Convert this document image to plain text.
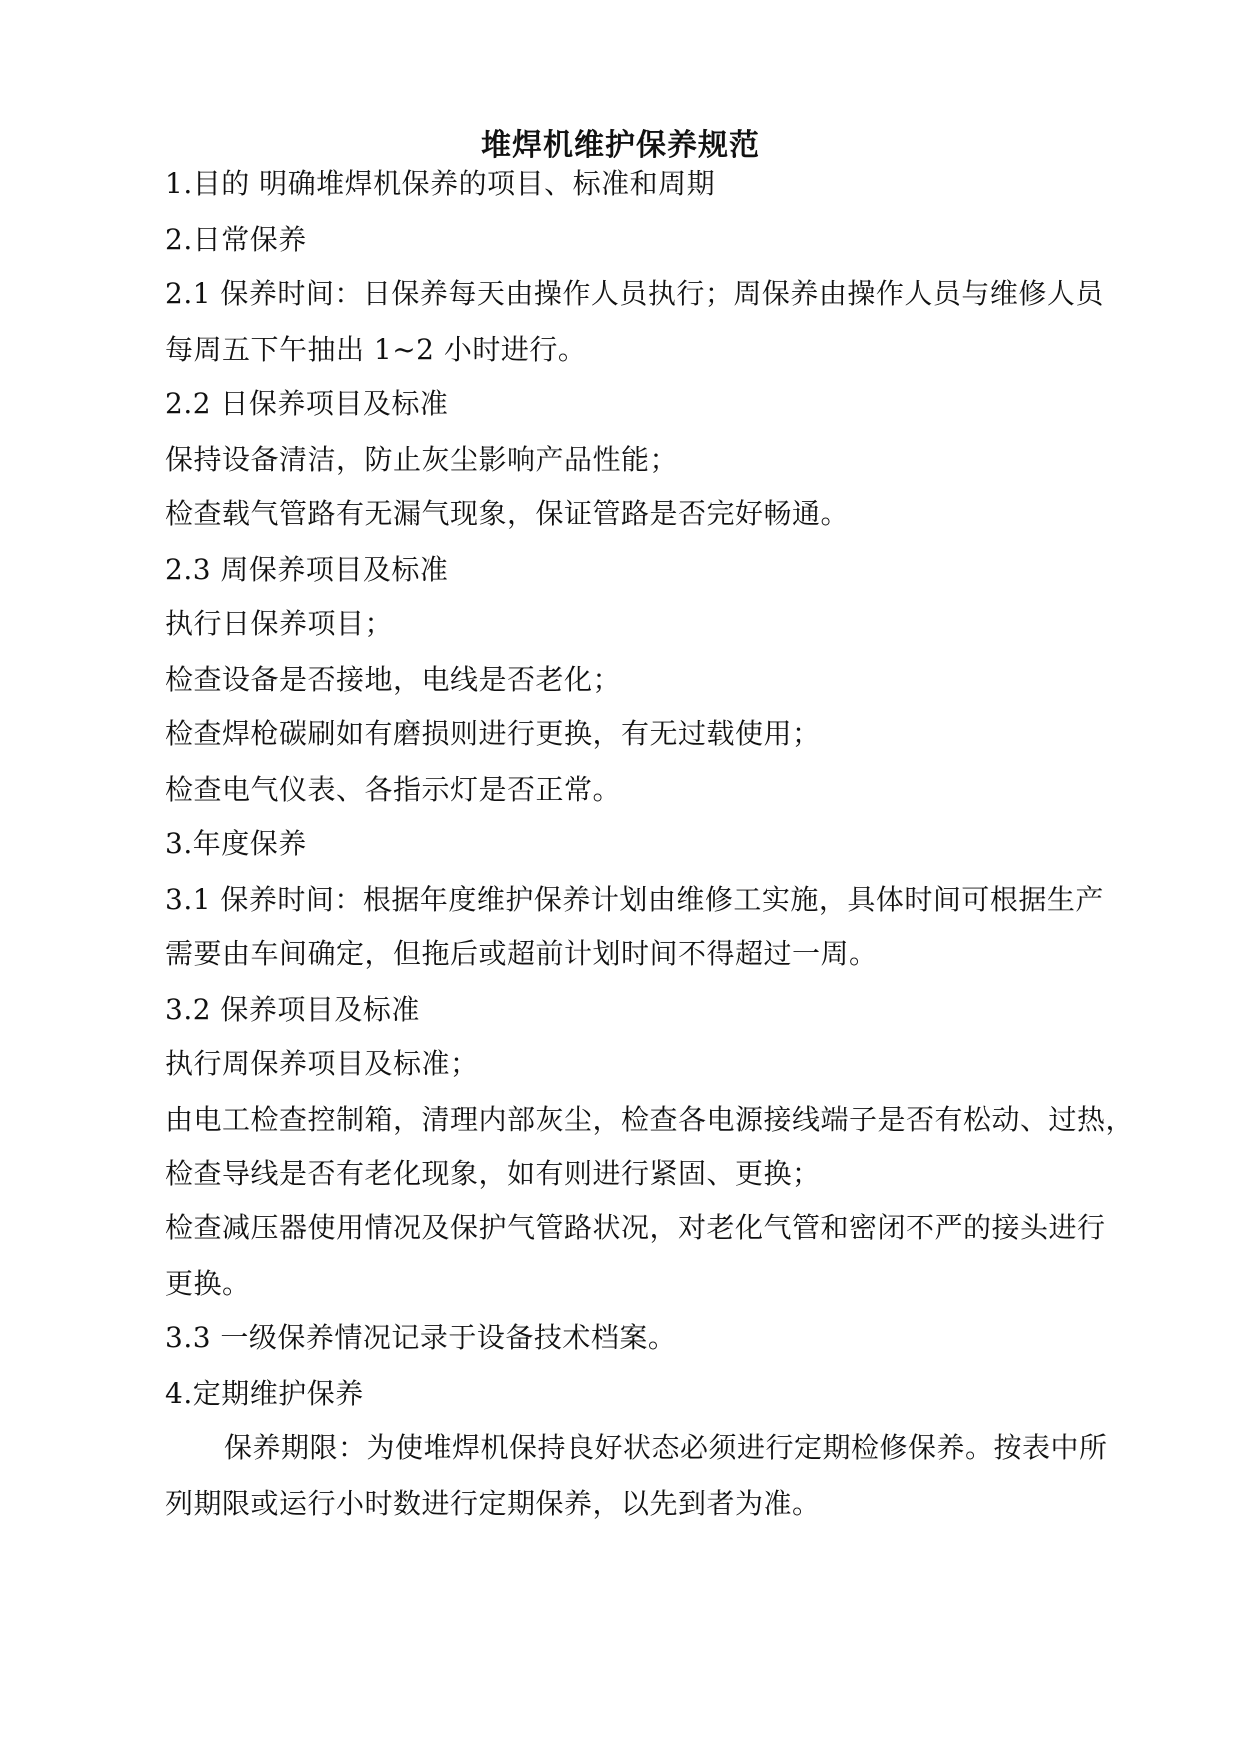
堆焊机维护保养规范
1.目的 明确堆焊机保养的项目、标准和周期
2.日常保养
2.1 保养时间：日保养每天由操作人员执行；周保养由操作人员与维修人员
每周五下午抽出 1~2 小时进行。
2.2 日保养项目及标准
保持设备清洁，防止灰尘影响产品性能；
检查载气管路有无漏气现象，保证管路是否完好畅通。
2.3 周保养项目及标准
执行日保养项目；
检查设备是否接地，电线是否老化；
检查焊枪碳刷如有磨损则进行更换，有无过载使用；
检查电气仪表、各指示灯是否正常。
3.年度保养
3.1 保养时间：根据年度维护保养计划由维修工实施，具体时间可根据生产
需要由车间确定，但拖后或超前计划时间不得超过一周。
3.2 保养项目及标准
执行周保养项目及标准；
由电工检查控制箱，清理内部灰尘，检查各电源接线端子是否有松动、过热，
检查导线是否有老化现象，如有则进行紧固、更换；
检查减压器使用情况及保护气管路状况，对老化气管和密闭不严的接头进行
更换。
3.3 一级保养情况记录于设备技术档案。
4.定期维护保养
保养期限：为使堆焊机保持良好状态必须进行定期检修保养。按表中所
列期限或运行小时数进行定期保养，以先到者为准。
